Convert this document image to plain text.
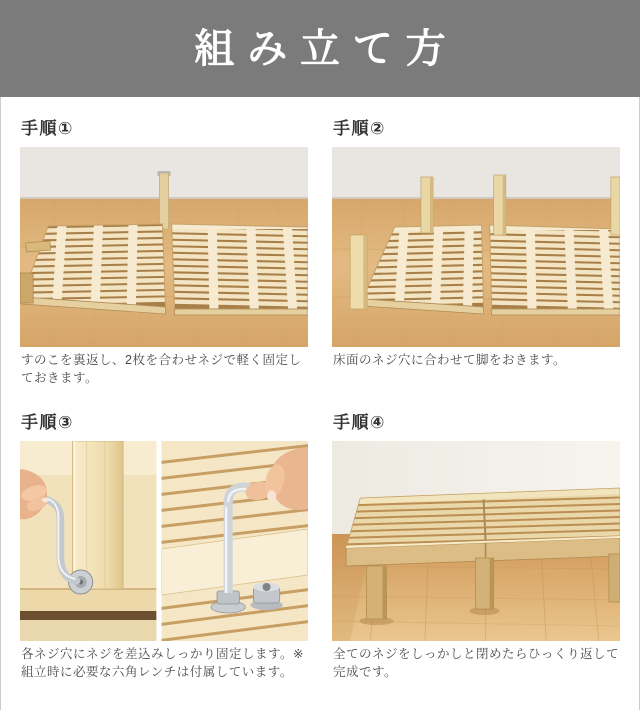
組み立て方
手順①

すのこを裏返し、2枚を合わせネジで軽く固定しておきます。

手順②

床面のネジ穴に合わせて脚をおきます。

手順③

各ネジ穴にネジを差込みしっかり固定します。※組立時に必要な六角レンチは付属しています。

手順④

全てのネジをしっかしと閉めたらひっくり返して完成です。
